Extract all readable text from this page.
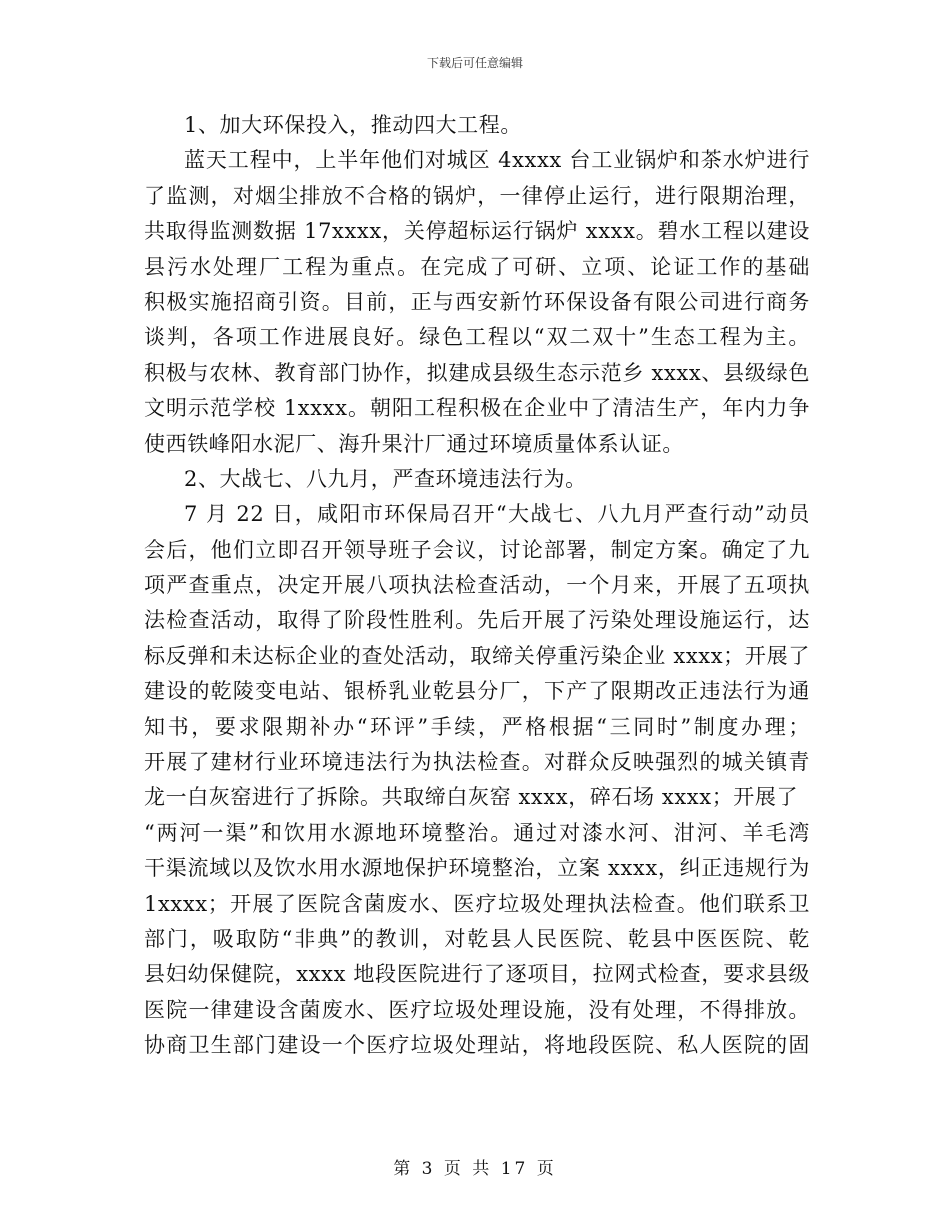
下载后可任意编辑
1、加大环保投入，推动四大工程。
蓝天工程中，上半年他们对城区 4xxxx 台工业锅炉和茶水炉进行
了监测，对烟尘排放不合格的锅炉，一律停止运行，进行限期治理，
共取得监测数据 17xxxx，关停超标运行锅炉 xxxx。碧水工程以建设
县污水处理厂工程为重点。在完成了可研、立项、论证工作的基础
积极实施招商引资。目前，正与西安新竹环保设备有限公司进行商务
谈判，各项工作进展良好。绿色工程以“双二双十”生态工程为主。
积极与农林、教育部门协作，拟建成县级生态示范乡 xxxx、县级绿色
文明示范学校 1xxxx。朝阳工程积极在企业中了清洁生产，年内力争
使西铁峰阳水泥厂、海升果汁厂通过环境质量体系认证。
2、大战七、八九月，严查环境违法行为。
7 月 22 日，咸阳市环保局召开“大战七、八九月严查行动”动员
会后，他们立即召开领导班子会议，讨论部署，制定方案。确定了九
项严查重点，决定开展八项执法检查活动，一个月来，开展了五项执
法检查活动，取得了阶段性胜利。先后开展了污染处理设施运行，达
标反弹和未达标企业的查处活动，取缔关停重污染企业 xxxx；开展了
建设的乾陵变电站、银桥乳业乾县分厂，下产了限期改正违法行为通
知书，要求限期补办“环评”手续，严格根据“三同时”制度办理；
开展了建材行业环境违法行为执法检查。对群众反映强烈的城关镇青
龙一白灰窑进行了拆除。共取缔白灰窑 xxxx，碎石场 xxxx；开展了
“两河一渠”和饮用水源地环境整治。通过对漆水河、泔河、羊毛湾
干渠流域以及饮水用水源地保护环境整治，立案 xxxx，纠正违规行为
1xxxx；开展了医院含菌废水、医疗垃圾处理执法检查。他们联系卫
部门，吸取防“非典”的教训，对乾县人民医院、乾县中医医院、乾
县妇幼保健院，xxxx 地段医院进行了逐项目，拉网式检查，要求县级
医院一律建设含菌废水、医疗垃圾处理设施，没有处理，不得排放。
协商卫生部门建设一个医疗垃圾处理站，将地段医院、私人医院的固
第 3 页 共 17 页
